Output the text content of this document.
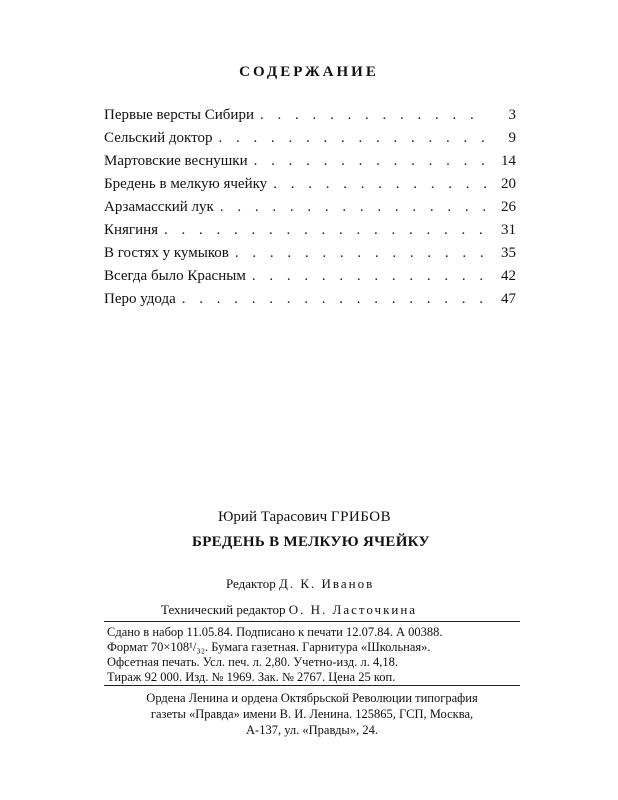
СОДЕРЖАНИЕ
Первые версты Сибири . . .	3
Сельский доктор . . .	9
Мартовские веснушки . . .	14
Бредень в мелкую ячейку . . .	20
Арзамасский лук . . .	26
Княгиня . . .	31
В гостях у кумыков . . .	35
Всегда было Красным . . .	42
Перо удода . . .	47
Юрий Тарасович ГРИБОВ
БРЕДЕНЬ В МЕЛКУЮ ЯЧЕЙКУ
Редактор Д. К. Иванов
Технический редактор О. Н. Ласточкина
Сдано в набор 11.05.84. Подписано к печати 12.07.84. А 00388.
Формат 70×108¹/₃₂. Бумага газетная. Гарнитура «Школьная».
Офсетная печать. Усл. печ. л. 2,80. Учетно-изд. л. 4,18.
Тираж 92 000. Изд. № 1969. Зак. № 2767. Цена 25 коп.
Ордена Ленина и ордена Октябрьской Революции типография
газеты «Правда» имени В. И. Ленина. 125865, ГСП, Москва,
А-137, ул. «Правды», 24.
